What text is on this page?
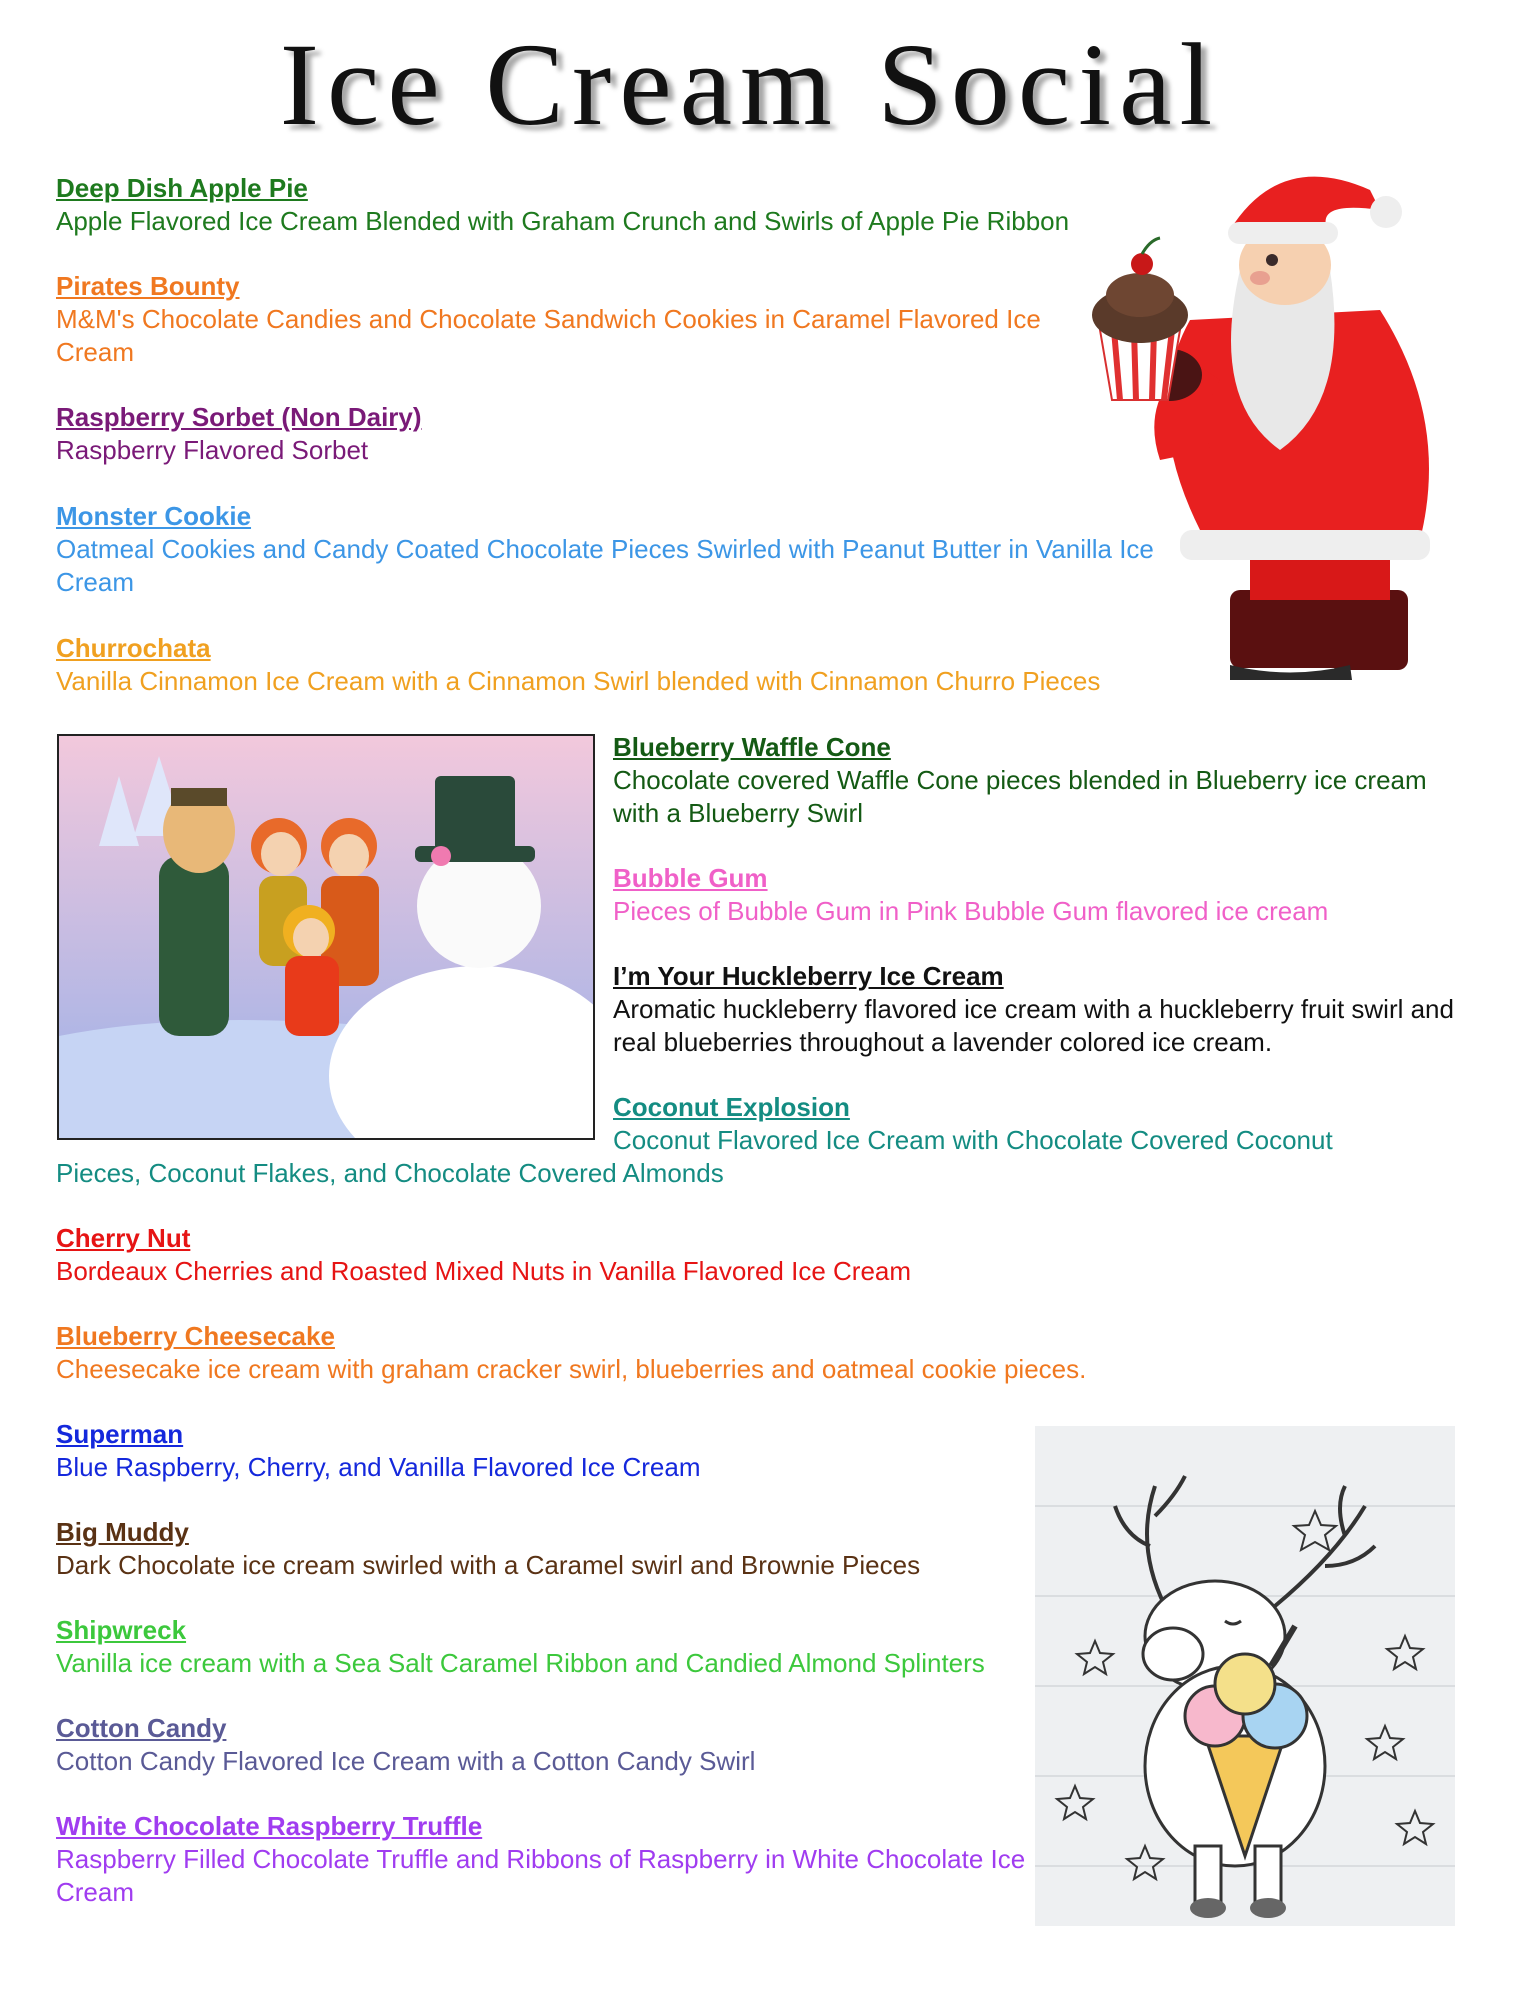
Ice Cream Social
Deep Dish Apple Pie
Apple Flavored Ice Cream Blended with Graham Crunch and Swirls of Apple Pie Ribbon
Pirates Bounty
M&M's Chocolate Candies and Chocolate Sandwich Cookies in Caramel Flavored Ice Cream
Raspberry Sorbet (Non Dairy)
Raspberry Flavored Sorbet
Monster Cookie
Oatmeal Cookies and Candy Coated Chocolate Pieces Swirled with Peanut Butter in Vanilla Ice Cream
Churrochata
Vanilla Cinnamon Ice Cream with a Cinnamon Swirl blended with Cinnamon Churro Pieces
Blueberry Waffle Cone
Chocolate covered Waffle Cone pieces blended in Blueberry ice cream with a Blueberry Swirl
Bubble Gum
Pieces of Bubble Gum in Pink Bubble Gum flavored ice cream
I’m Your Huckleberry Ice Cream
Aromatic huckleberry flavored ice cream with a huckleberry fruit swirl and real blueberries throughout a lavender colored ice cream.
Coconut Explosion
Coconut Flavored Ice Cream with Chocolate Covered Coconut
Pieces, Coconut Flakes, and Chocolate Covered Almonds
Cherry Nut
Bordeaux Cherries and Roasted Mixed Nuts in Vanilla Flavored Ice Cream
Blueberry Cheesecake
Cheesecake ice cream with graham cracker swirl, blueberries and oatmeal cookie pieces.
Superman
Blue Raspberry, Cherry, and Vanilla Flavored Ice Cream
Big Muddy
Dark Chocolate ice cream swirled with a Caramel swirl and Brownie Pieces
Shipwreck
Vanilla ice cream with a Sea Salt Caramel Ribbon and Candied Almond Splinters
Cotton Candy
Cotton Candy Flavored Ice Cream with a Cotton Candy Swirl
White Chocolate Raspberry Truffle
Raspberry Filled Chocolate Truffle and Ribbons of Raspberry in White Chocolate Ice Cream
